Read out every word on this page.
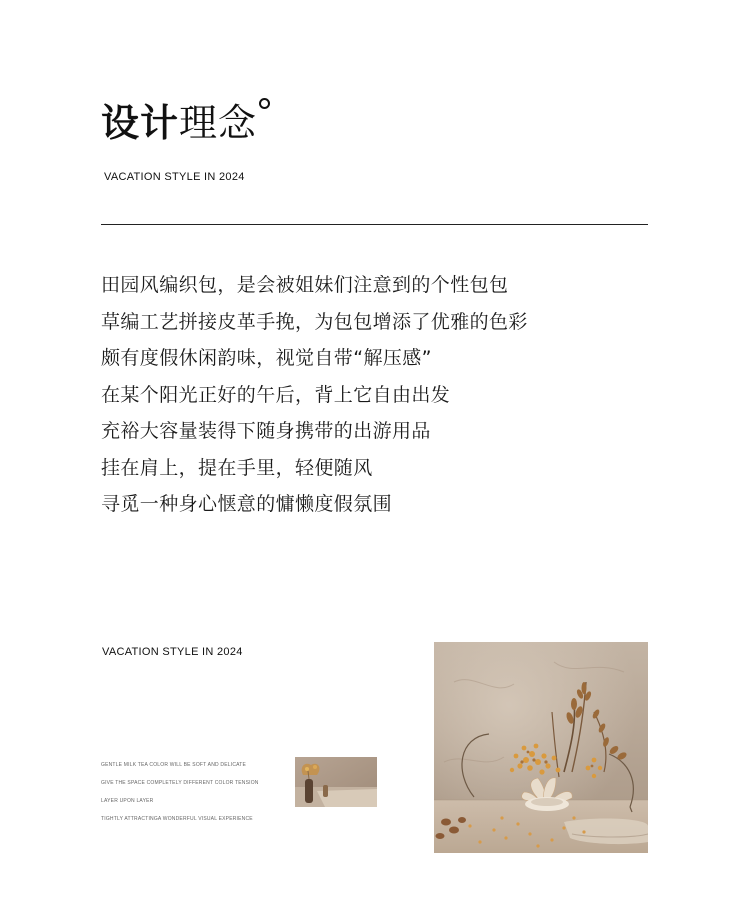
设计理念
VACATION STYLE IN 2024
田园风编织包，是会被姐妹们注意到的个性包包
草编工艺拼接皮革手挽，为包包增添了优雅的色彩
颇有度假休闲韵味，视觉自带“解压感”
在某个阳光正好的午后，背上它自由出发
充裕大容量装得下随身携带的出游用品
挂在肩上，提在手里，轻便随风
寻觅一种身心惬意的慵懒度假氛围
VACATION STYLE IN 2024
GENTLE MILK TEA COLOR WILL BE SOFT AND DELICATE
GIVE THE SPACE COMPLETELY DIFFERENT COLOR TENSION
LAYER UPON LAYER
TIGHTLY ATTRACTINGA WONDERFUL VISUAL EXPERIENCE
